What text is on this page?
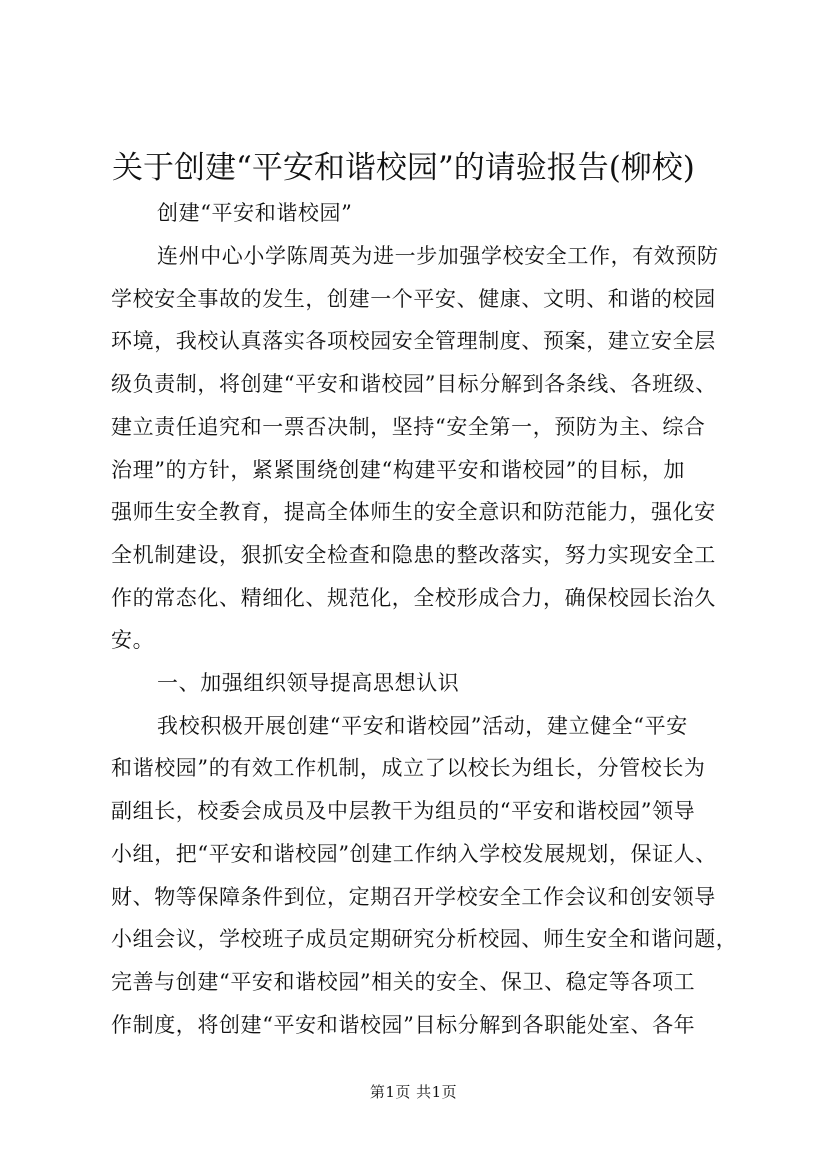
关于创建“平安和谐校园”的请验报告(柳校)

创建“平安和谐校园”

连州中心小学陈周英为进一步加强学校安全工作，有效预防

学校安全事故的发生，创建一个平安、健康、文明、和谐的校园

环境，我校认真落实各项校园安全管理制度、预案，建立安全层

级负责制，将创建“平安和谐校园”目标分解到各条线、各班级、

建立责任追究和一票否决制，坚持“安全第一，预防为主、综合

治理”的方针，紧紧围绕创建“构建平安和谐校园”的目标，加

强师生安全教育，提高全体师生的安全意识和防范能力，强化安

全机制建设，狠抓安全检查和隐患的整改落实，努力实现安全工

作的常态化、精细化、规范化，全校形成合力，确保校园长治久

安。

一、加强组织领导提高思想认识

我校积极开展创建“平安和谐校园”活动，建立健全“平安

和谐校园”的有效工作机制，成立了以校长为组长，分管校长为

副组长，校委会成员及中层教干为组员的“平安和谐校园”领导

小组，把“平安和谐校园”创建工作纳入学校发展规划，保证人、

财、物等保障条件到位，定期召开学校安全工作会议和创安领导

小组会议，学校班子成员定期研究分析校园、师生安全和谐问题，

完善与创建“平安和谐校园”相关的安全、保卫、稳定等各项工

作制度，将创建“平安和谐校园”目标分解到各职能处室、各年

第1页 共1页
